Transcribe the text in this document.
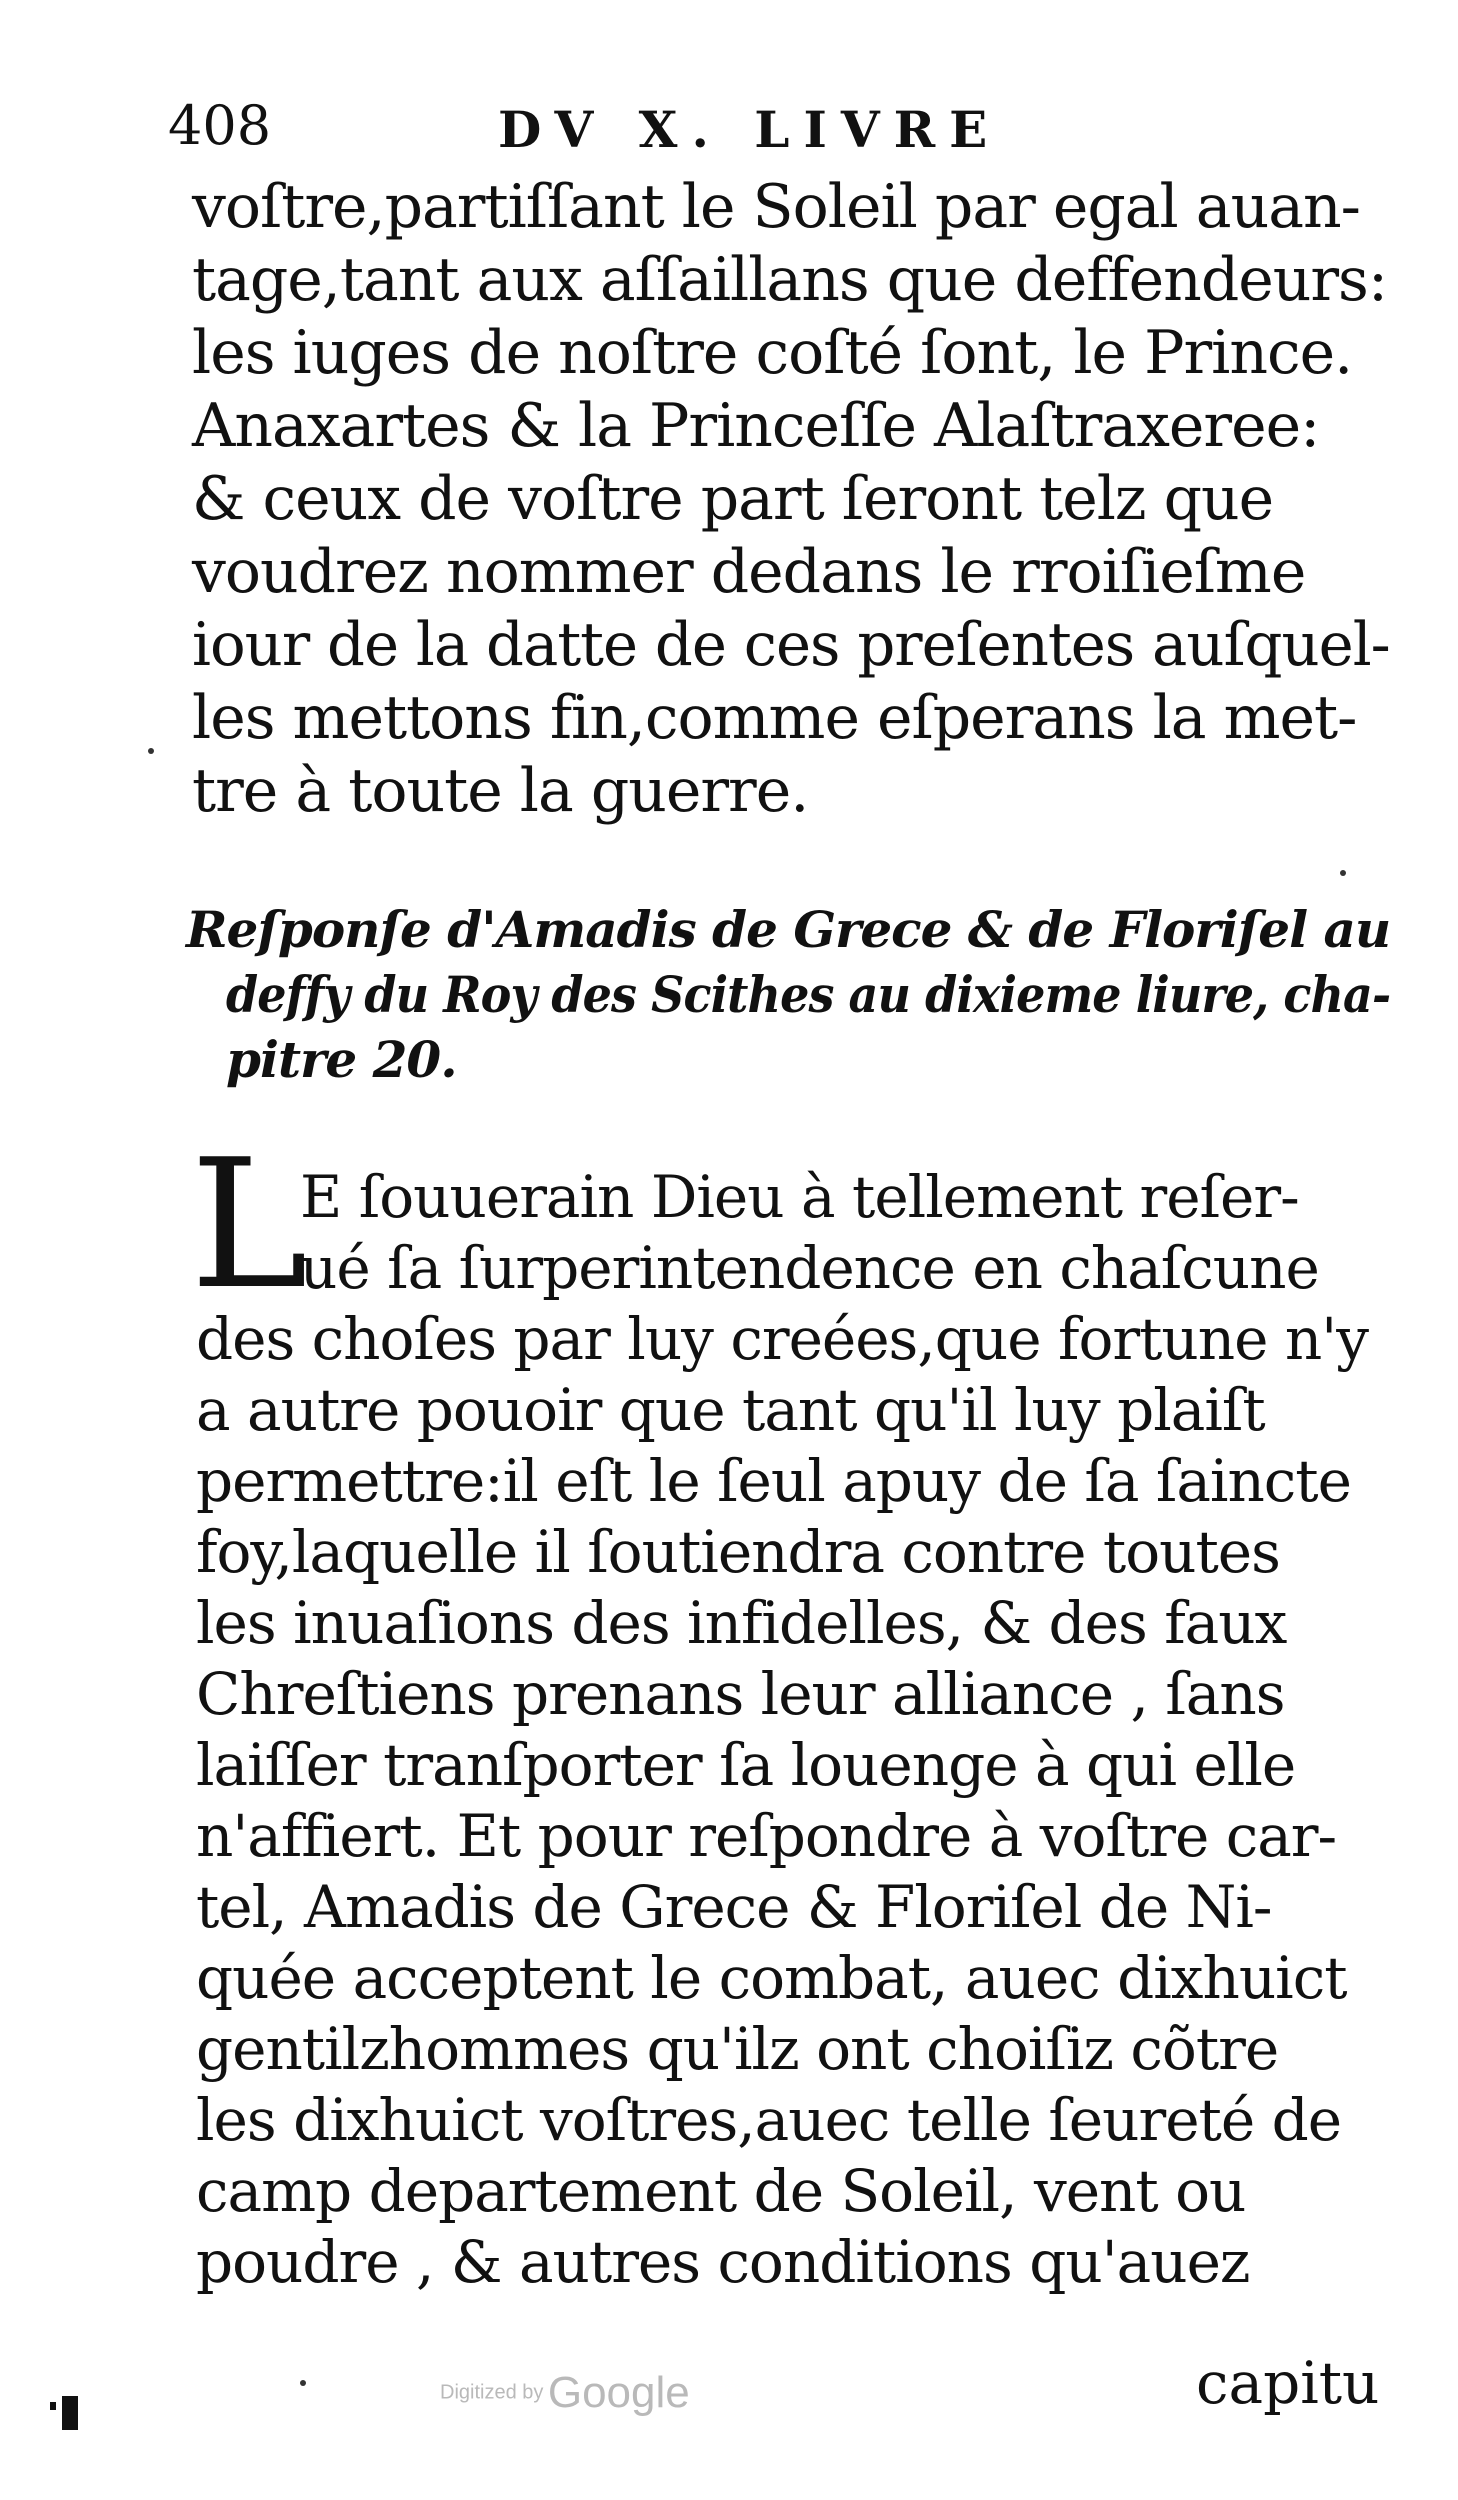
408	DV X. LIVRE
voſtre,partiſſant le Soleil par egal auan-
tage,tant aux aſſaillans que deffendeurs:
les iuges de noſtre coſté ſont, le Prince.
Anaxartes & la Princeſſe Alaſtraxeree:
& ceux de voſtre part ſeront telz que
voudrez nommer dedans le rroiſieſme
iour de la datte de ces preſentes auſquel-
les mettons fin,comme eſperans la met-
tre à toute la guerre.
Reſponſe d'Amadis de Grece & de Floriſel au
deffy du Roy des Scithes au dixieme liure, cha-
pitre 20.
L
E ſouuerain Dieu à tellement reſer-
ué ſa ſurperintendence en chaſcune
des choſes par luy creées,que fortune n'y
a autre pouoir que tant qu'il luy plaiſt
permettre:il eſt le ſeul apuy de ſa ſaincte
foy,laquelle il ſoutiendra contre toutes
les inuaſions des infidelles, & des faux
Chreſtiens prenans leur alliance , ſans
laiſſer tranſporter ſa louenge à qui elle
n'affiert. Et pour reſpondre à voſtre car-
tel, Amadis de Grece & Floriſel de Ni-
quée acceptent le combat, auec dixhuict
gentilzhommes qu'ilz ont choiſiz cõtre
les dixhuict voſtres,auec telle ſeureté de
camp departement de Soleil, vent ou
poudre , & autres conditions qu'auez
capitu
Digitized by Google
